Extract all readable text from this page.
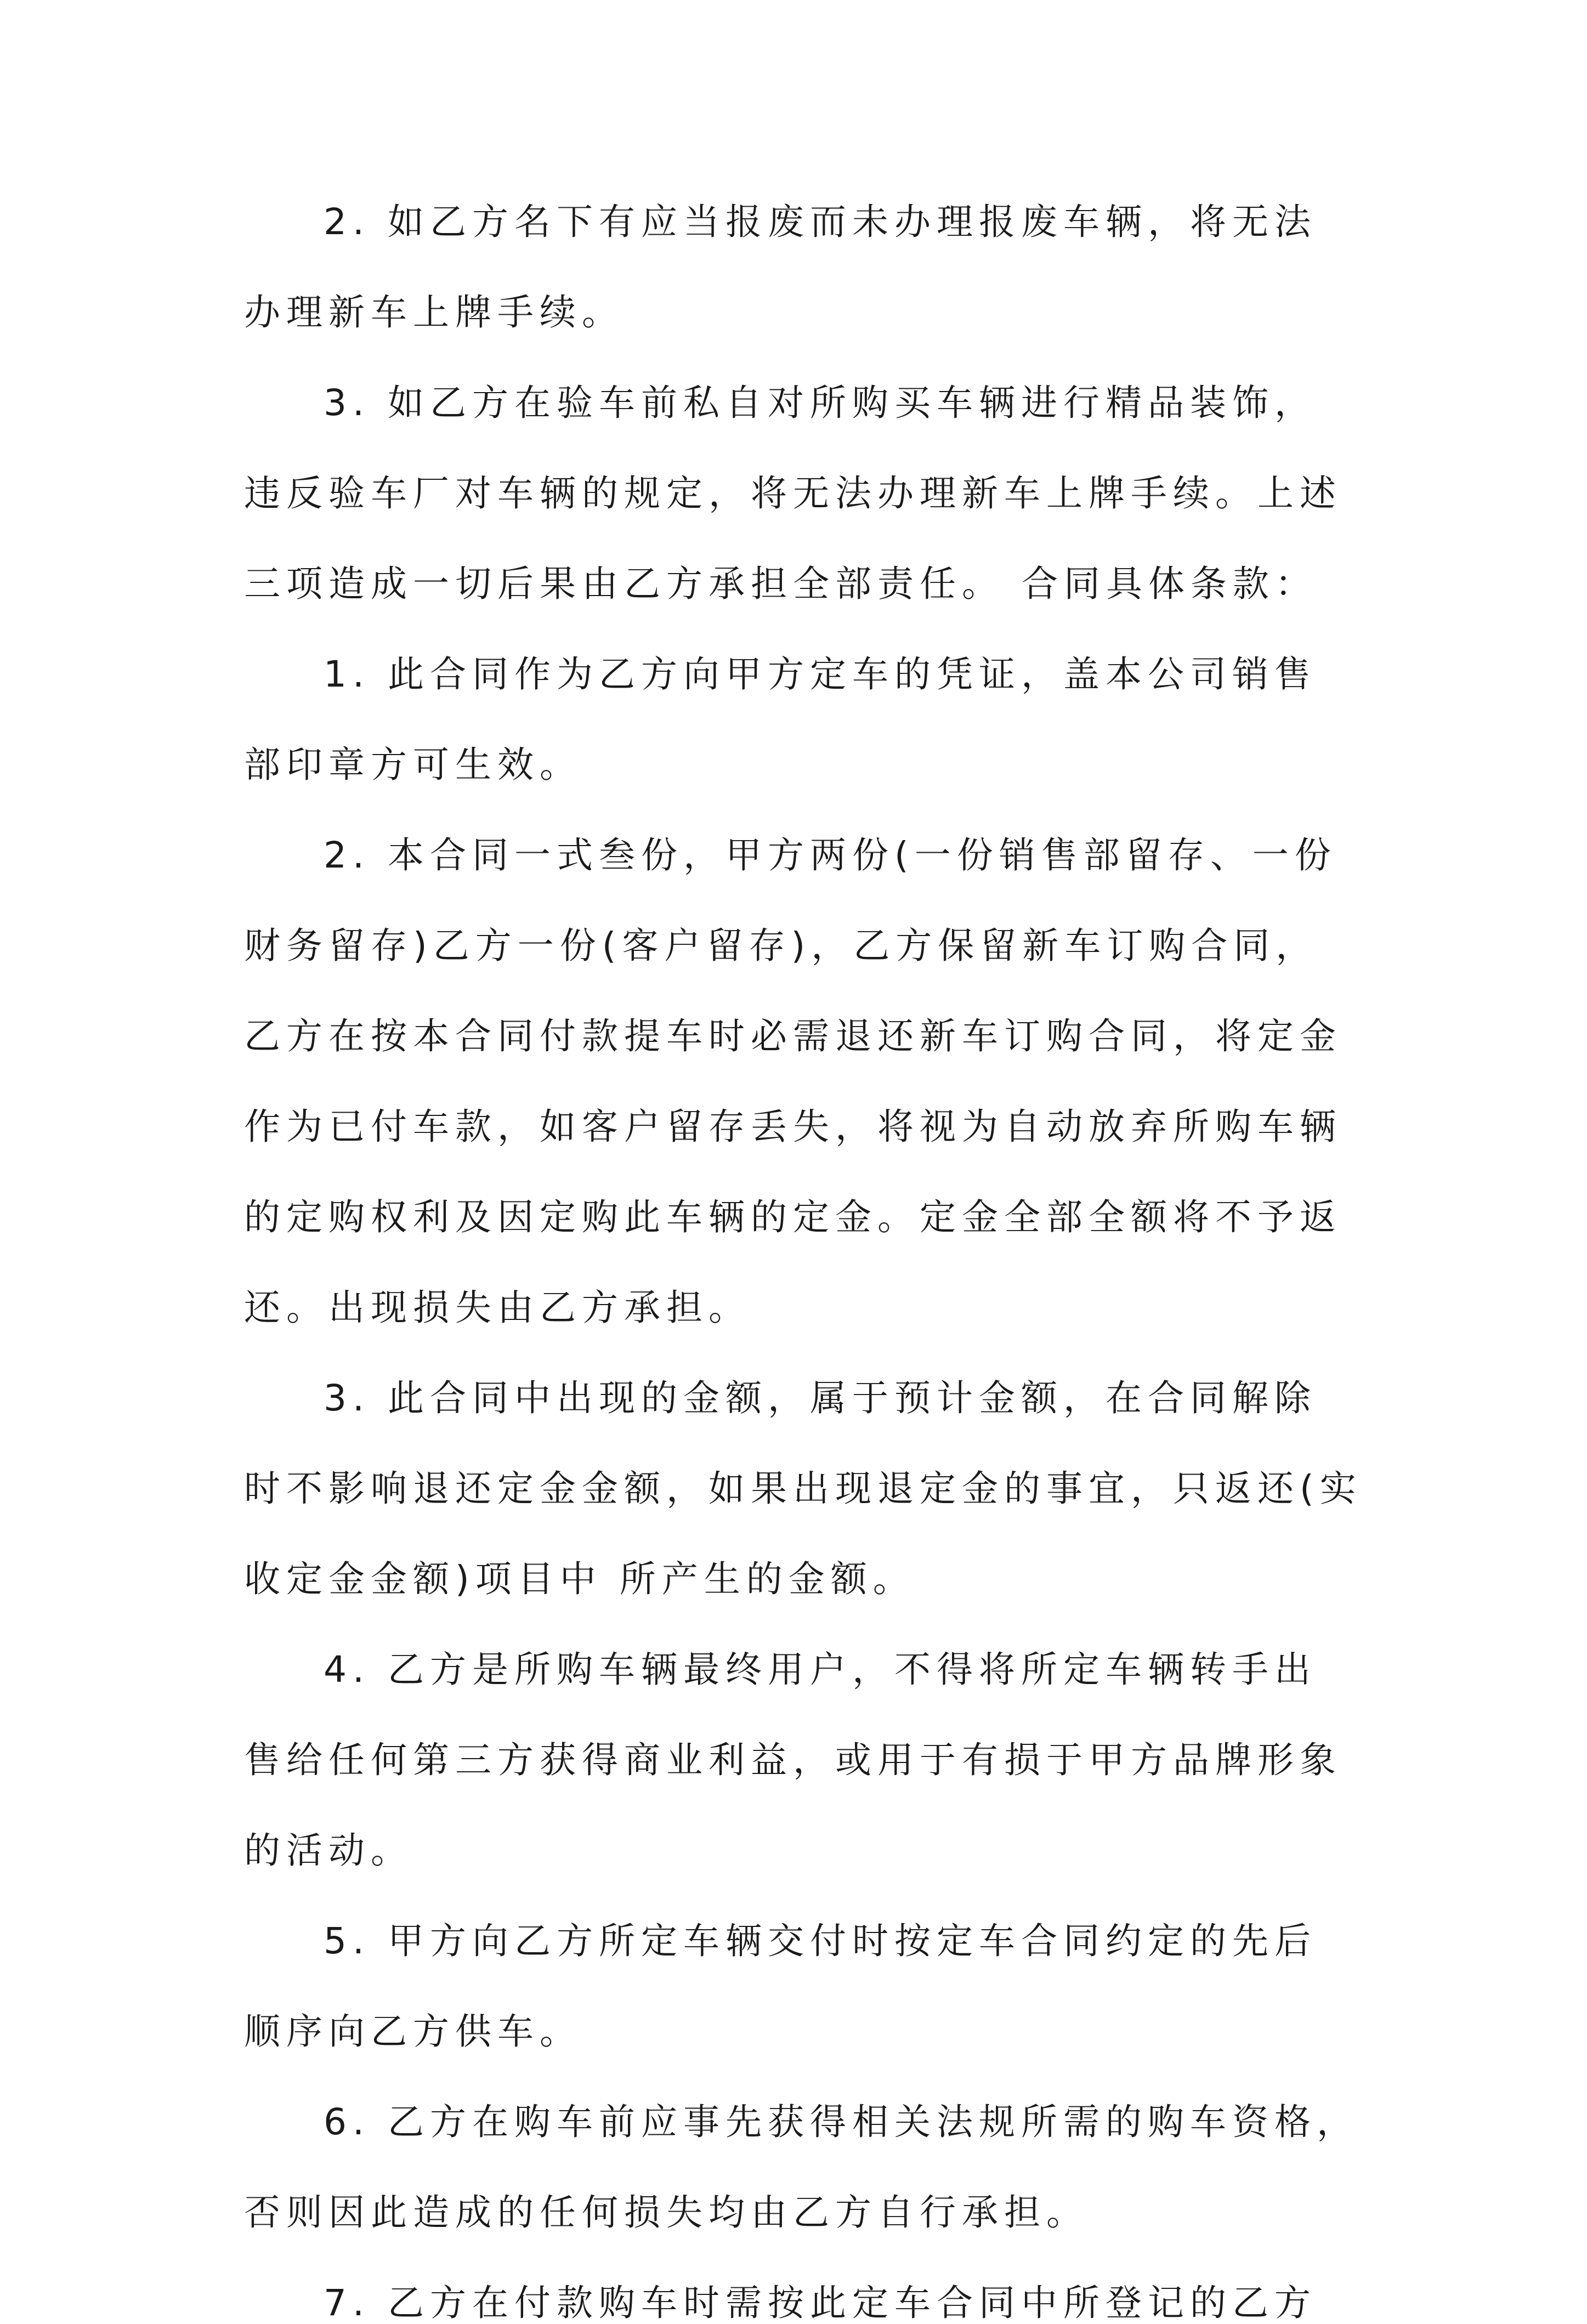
2. 如乙方名下有应当报废而未办理报废车辆，将无法
办理新车上牌手续。
3. 如乙方在验车前私自对所购买车辆进行精品装饰，
违反验车厂对车辆的规定，将无法办理新车上牌手续。上述
三项造成一切后果由乙方承担全部责任。 合同具体条款：
1. 此合同作为乙方向甲方定车的凭证，盖本公司销售
部印章方可生效。
2. 本合同一式叁份，甲方两份(一份销售部留存、一份
财务留存)乙方一份(客户留存)，乙方保留新车订购合同，
乙方在按本合同付款提车时必需退还新车订购合同，将定金
作为已付车款，如客户留存丢失，将视为自动放弃所购车辆
的定购权利及因定购此车辆的定金。定金全部全额将不予返
还。出现损失由乙方承担。
3. 此合同中出现的金额，属于预计金额，在合同解除
时不影响退还定金金额，如果出现退定金的事宜，只返还(实
收定金金额)项目中 所产生的金额。
4. 乙方是所购车辆最终用户，不得将所定车辆转手出
售给任何第三方获得商业利益，或用于有损于甲方品牌形象
的活动。
5. 甲方向乙方所定车辆交付时按定车合同约定的先后
顺序向乙方供车。
6. 乙方在购车前应事先获得相关法规所需的购车资格，
否则因此造成的任何损失均由乙方自行承担。
7. 乙方在付款购车时需按此定车合同中所登记的乙方
